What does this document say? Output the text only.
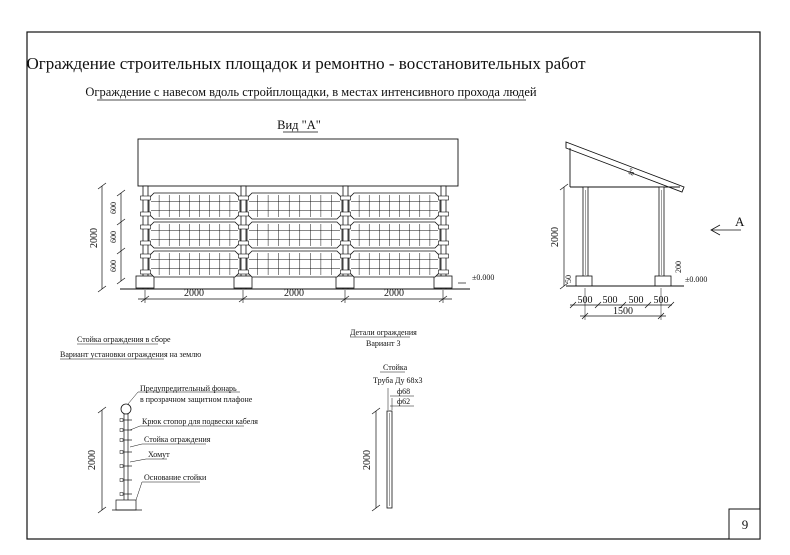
Ограждение строительных площадок и ремонтно - восстановительных работ
Ограждение с навесом вдоль стройплощадки, в местах интенсивного прохода людей
Вид "А"
±0.000
2000
600
600
600
2000	2000	2000
8°
±0.000
2000
50
200
500 500 500 500
1500
A
Стойка ограждения в сборе
Вариант установки ограждения на землю
2000
Предупредительный фонарь
в прозрачном защитном плафоне
Крюк стопор для подвески кабеля
Стойка ограждения
Хомут
Основание стойки
Детали ограждения
Вариант 3
Стойка
Труба Ду 68х3
ф68
ф62
2000
9
